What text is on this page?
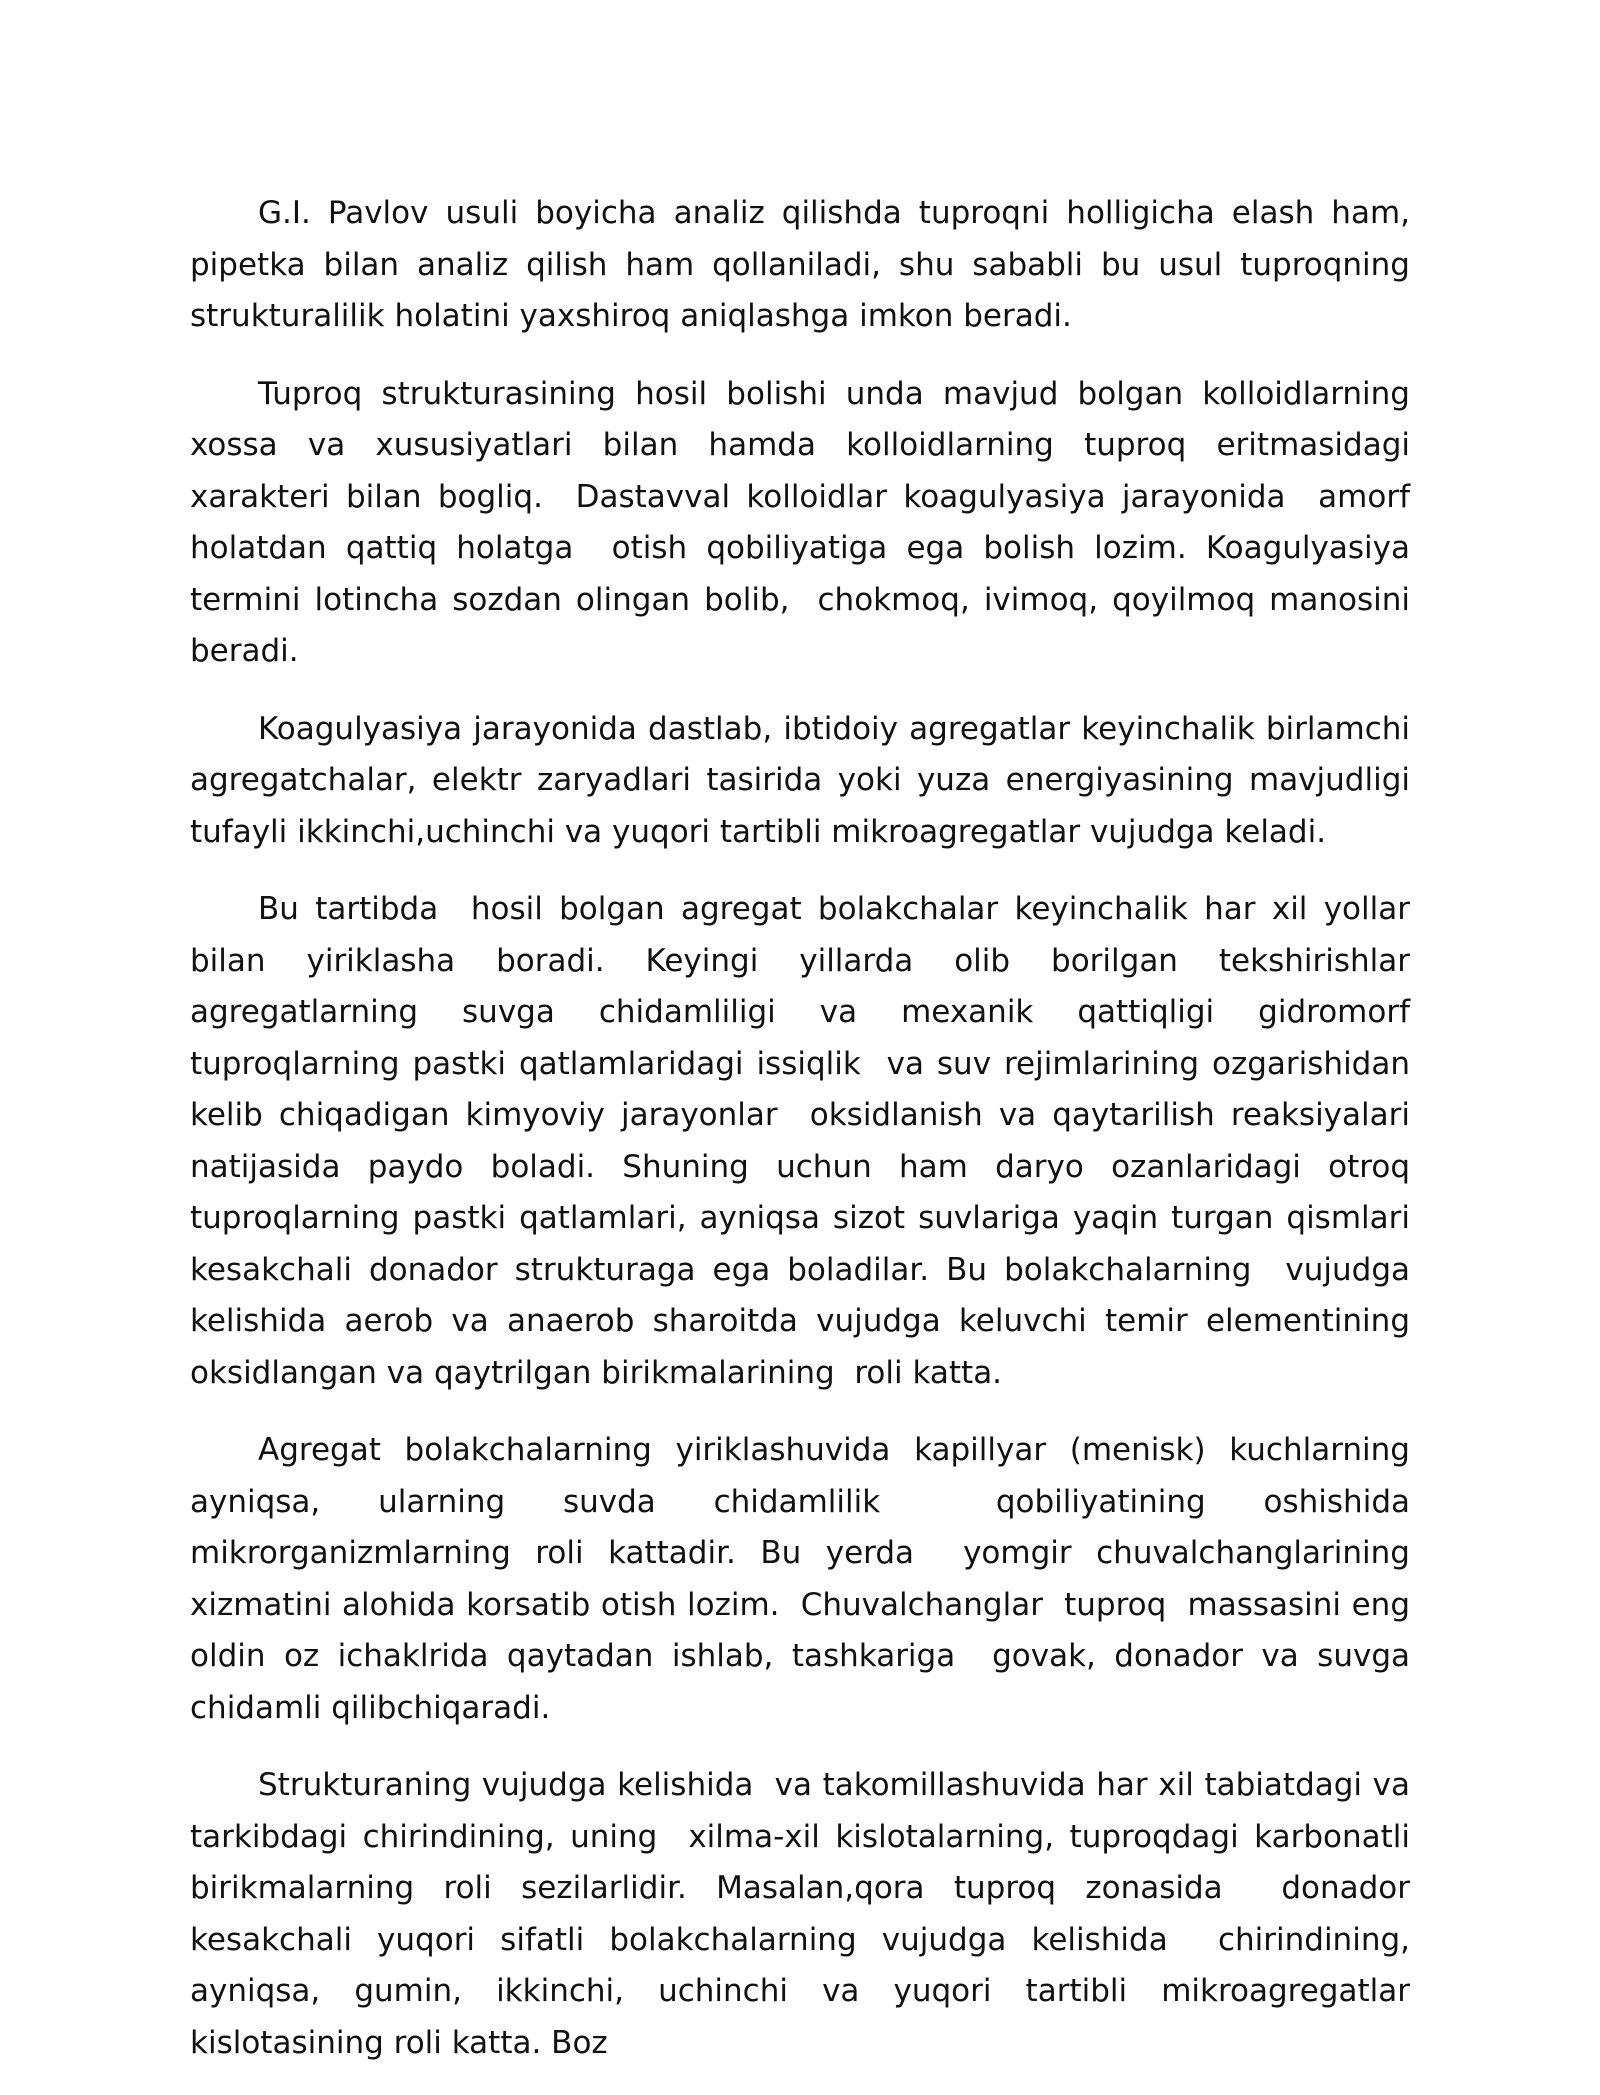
G.I. Pavlov usuli boyicha analiz qilishda tuproqni holligicha elash ham, pipetka bilan analiz qilish ham qollaniladi, shu sababli bu usul tuproqning strukturalilik holatini yaxshiroq aniqlashga imkon beradi.

Tuproq strukturasining hosil bolishi unda mavjud bolgan kolloidlarning  xossa va xususiyatlari bilan hamda kolloidlarning tuproq eritmasidagi xarakteri bilan bogliq.  Dastavval kolloidlar koagulyasiya jarayonida  amorf holatdan qattiq holatga  otish qobiliyatiga ega bolish lozim. Koagulyasiya termini lotincha sozdan olingan bolib,  chokmoq, ivimoq, qoyilmoq manosini beradi.

Koagulyasiya jarayonida dastlab, ibtidoiy agregatlar keyinchalik birlamchi agregatchalar, elektr zaryadlari tasirida yoki yuza energiyasining mavjudligi tufayli ikkinchi,uchinchi va yuqori tartibli mikroagregatlar vujudga keladi.

Bu tartibda  hosil bolgan agregat bolakchalar keyinchalik har xil yollar bilan yiriklasha boradi. Keyingi yillarda olib borilgan tekshirishlar agregatlarning suvga chidamliligi va mexanik qattiqligi gidromorf  tuproqlarning pastki qatlamlaridagi issiqlik  va suv rejimlarining ozgarishidan kelib chiqadigan kimyoviy jarayonlar  oksidlanish va qaytarilish reaksiyalari natijasida paydo boladi. Shuning uchun ham daryo ozanlaridagi otroq  tuproqlarning pastki qatlamlari, ayniqsa sizot suvlariga yaqin turgan qismlari kesakchali donador strukturaga ega boladilar. Bu bolakchalarning  vujudga kelishida aerob va anaerob sharoitda vujudga keluvchi temir elementining oksidlangan va qaytrilgan birikmalarining  roli katta.

Agregat bolakchalarning yiriklashuvida kapillyar (menisk) kuchlarning ayniqsa, ularning suvda chidamlilik  qobiliyatining oshishida mikrorganizmlarning roli kattadir. Bu yerda  yomgir chuvalchanglarining  xizmatini alohida korsatib otish lozim.  Chuvalchanglar  tuproq  massasini eng oldin oz ichaklrida qaytadan ishlab, tashkariga  govak, donador va suvga  chidamli qilibchiqaradi.

Strukturaning vujudga kelishida  va takomillashuvida har xil tabiatdagi va tarkibdagi chirindining, uning  xilma-xil kislotalarning, tuproqdagi karbonatli birikmalarning roli sezilarlidir. Masalan,qora tuproq zonasida  donador kesakchali yuqori sifatli bolakchalarning vujudga kelishida  chirindining, ayniqsa, gumin, ikkinchi, uchinchi va yuqori tartibli mikroagregatlar kislotasining roli katta. Boz
